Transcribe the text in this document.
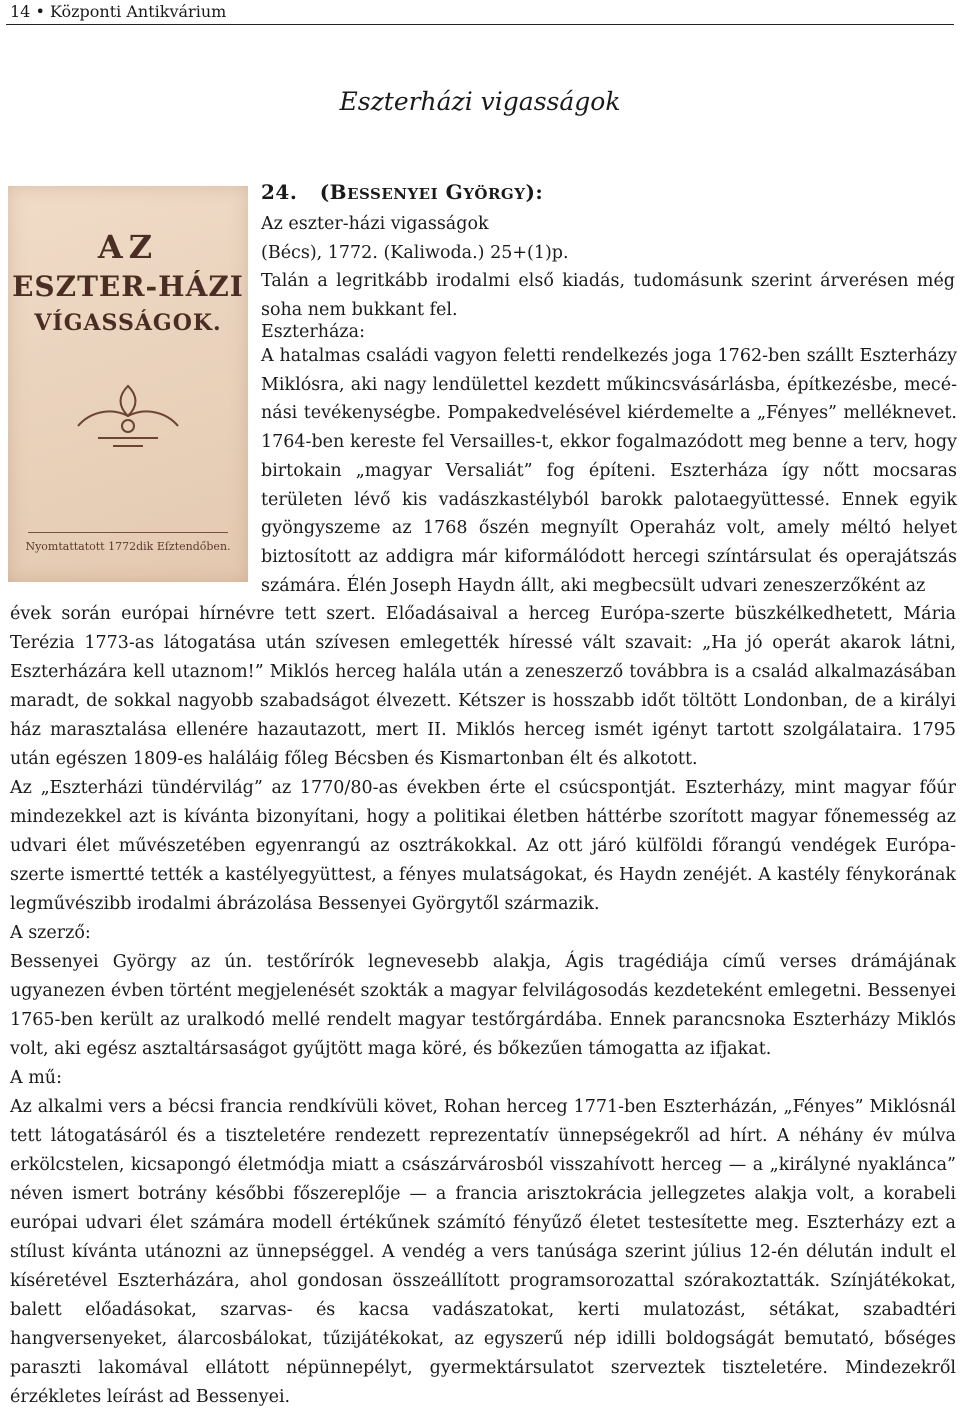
14 • Központi Antikvárium
Eszterházi vigasságok
AZ
ESZTER-HÁZI
VÍGASSÁGOK.
Nyomtattatott 1772dik Eſztendőben.
24. (BESSENYEI GYÖRGY):
Az eszter-házi vigasságok
(Bécs), 1772. (Kaliwoda.) 25+(1)p.
Talán a legritkább irodalmi első kiadás, tudomásunk szerint árverésen még
soha nem bukkant fel.
Eszterháza:

A hatalmas családi vagyon feletti rendelkezés joga 1762-ben szállt Eszterházy Miklósra, aki nagy lendülettel kezdett műkincsvásárlásba, építkezésbe, mecé-nási tevékenységbe. Pompakedvelésével kiérdemelte a „Fényes” melléknevet. 1764-ben kereste fel Versailles-t, ekkor fogalmazódott meg benne a terv, hogy birtokain „magyar Versaliát” fog építeni. Eszterháza így nőtt mocsaras területen lévő kis vadászkastélyból barokk palotaegyüttessé. Ennek egyik gyöngyszeme az 1768 őszén megnyílt Operaház volt, amely méltó helyet biztosított az addigra már kiformálódott hercegi színtársulat és operajátszás számára. Élén Joseph Haydn állt, aki megbecsült udvari zeneszerzőként az

évek során európai hírnévre tett szert. Előadásaival a herceg Európa-szerte büszkélkedhetett, Mária Terézia 1773-as látogatása után szívesen emlegették híressé vált szavait: „Ha jó operát akarok látni, Eszterházára kell utaznom!” Miklós herceg halála után a zeneszerző továbbra is a család alkalmazásában maradt, de sokkal nagyobb szabadságot élvezett. Kétszer is hosszabb időt töltött Londonban, de a királyi ház marasztalása ellenére hazautazott, mert II. Miklós herceg ismét igényt tartott szolgálataira. 1795 után egészen 1809-es haláláig főleg Bécsben és Kismartonban élt és alkotott.

Az „Eszterházi tündérvilág” az 1770/80-as években érte el csúcspontját. Eszterházy, mint magyar főúr mindezekkel azt is kívánta bizonyítani, hogy a politikai életben háttérbe szorított magyar főnemesség az udvari élet művészetében egyenrangú az osztrákokkal. Az ott járó külföldi főrangú vendégek Európa-szerte ismertté tették a kastélyegyüttest, a fényes mulatságokat, és Haydn zenéjét. A kastély fénykorának legművészibb irodalmi ábrázolása Bessenyei Györgytől származik.

A szerző:

Bessenyei György az ún. testőrírók legnevesebb alakja, Ágis tragédiája című verses drámájának ugyanezen évben történt megjelenését szokták a magyar felvilágosodás kezdeteként emlegetni. Bessenyei 1765-ben került az uralkodó mellé rendelt magyar testőrgárdába. Ennek parancsnoka Eszterházy Miklós volt, aki egész asztaltársaságot gyűjtött maga köré, és bőkezűen támogatta az ifjakat.

A mű:

Az alkalmi vers a bécsi francia rendkívüli követ, Rohan herceg 1771-ben Eszterházán, „Fényes” Miklósnál tett látogatásáról és a tiszteletére rendezett reprezentatív ünnepségekről ad hírt. A néhány év múlva erkölcstelen, kicsapongó életmódja miatt a császárvárosból visszahívott herceg — a „királyné nyaklánca” néven ismert botrány későbbi főszereplője — a francia arisztokrácia jellegzetes alakja volt, a korabeli európai udvari élet számára modell értékűnek számító fényűző életet testesítette meg. Eszterházy ezt a stílust kívánta utánozni az ünnepséggel. A vendég a vers tanúsága szerint július 12-én délután indult el kíséretével Eszterházára, ahol gondosan összeállított programsorozattal szórakoztatták. Színjátékokat, balett előadásokat, szarvas- és kacsa vadászatokat, kerti mulatozást, sétákat, szabadtéri hangversenyeket, álarcosbálokat, tűzijátékokat, az egyszerű nép idilli boldogságát bemutató, bőséges paraszti lakomával ellátott népünnepélyt, gyermektársulatot szerveztek tiszteletére. Mindezekről érzékletes leírást ad Bessenyei.
